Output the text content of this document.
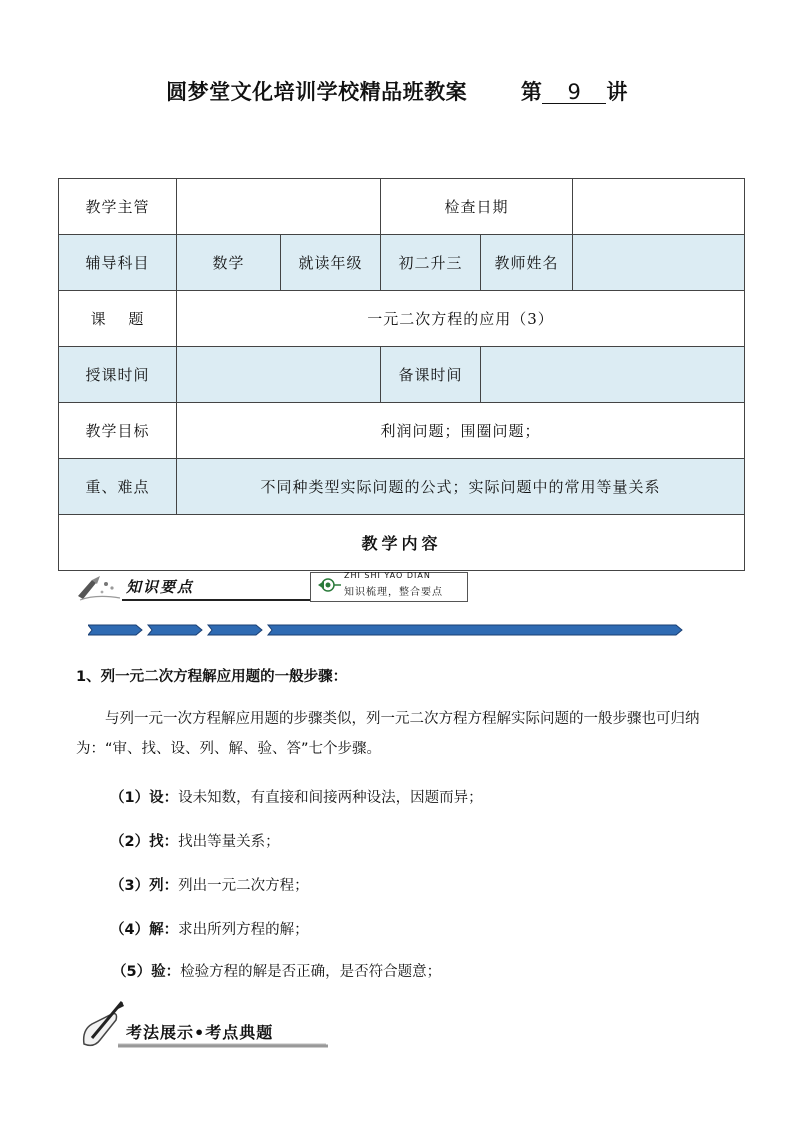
圆梦堂文化培训学校精品班教案	第 9 讲
教学主管			检查日期		
辅导科目	数学	就读年级	初二升三	教师姓名	
课　 题	一元二次方程的应用（3）				
授课时间			备课时间		
教学目标	利润问题；围圈问题；				
重、难点	不同种类型实际问题的公式；实际问题中的常用等量关系				
教学内容					
知识要点
ZHI SHI YAO DIAN
知识梳理，整合要点
1、列一元二次方程解应用题的一般步骤：
与列一元一次方程解应用题的步骤类似，列一元二次方程方程解实际问题的一般步骤也可归纳为：“审、找、设、列、解、验、答”七个步骤。
（1）设：设未知数，有直接和间接两种设法，因题而异；
（2）找：找出等量关系；
（3）列：列出一元二次方程；
（4）解：求出所列方程的解；
（5）验：检验方程的解是否正确，是否符合题意；
考法展示•考点典题
